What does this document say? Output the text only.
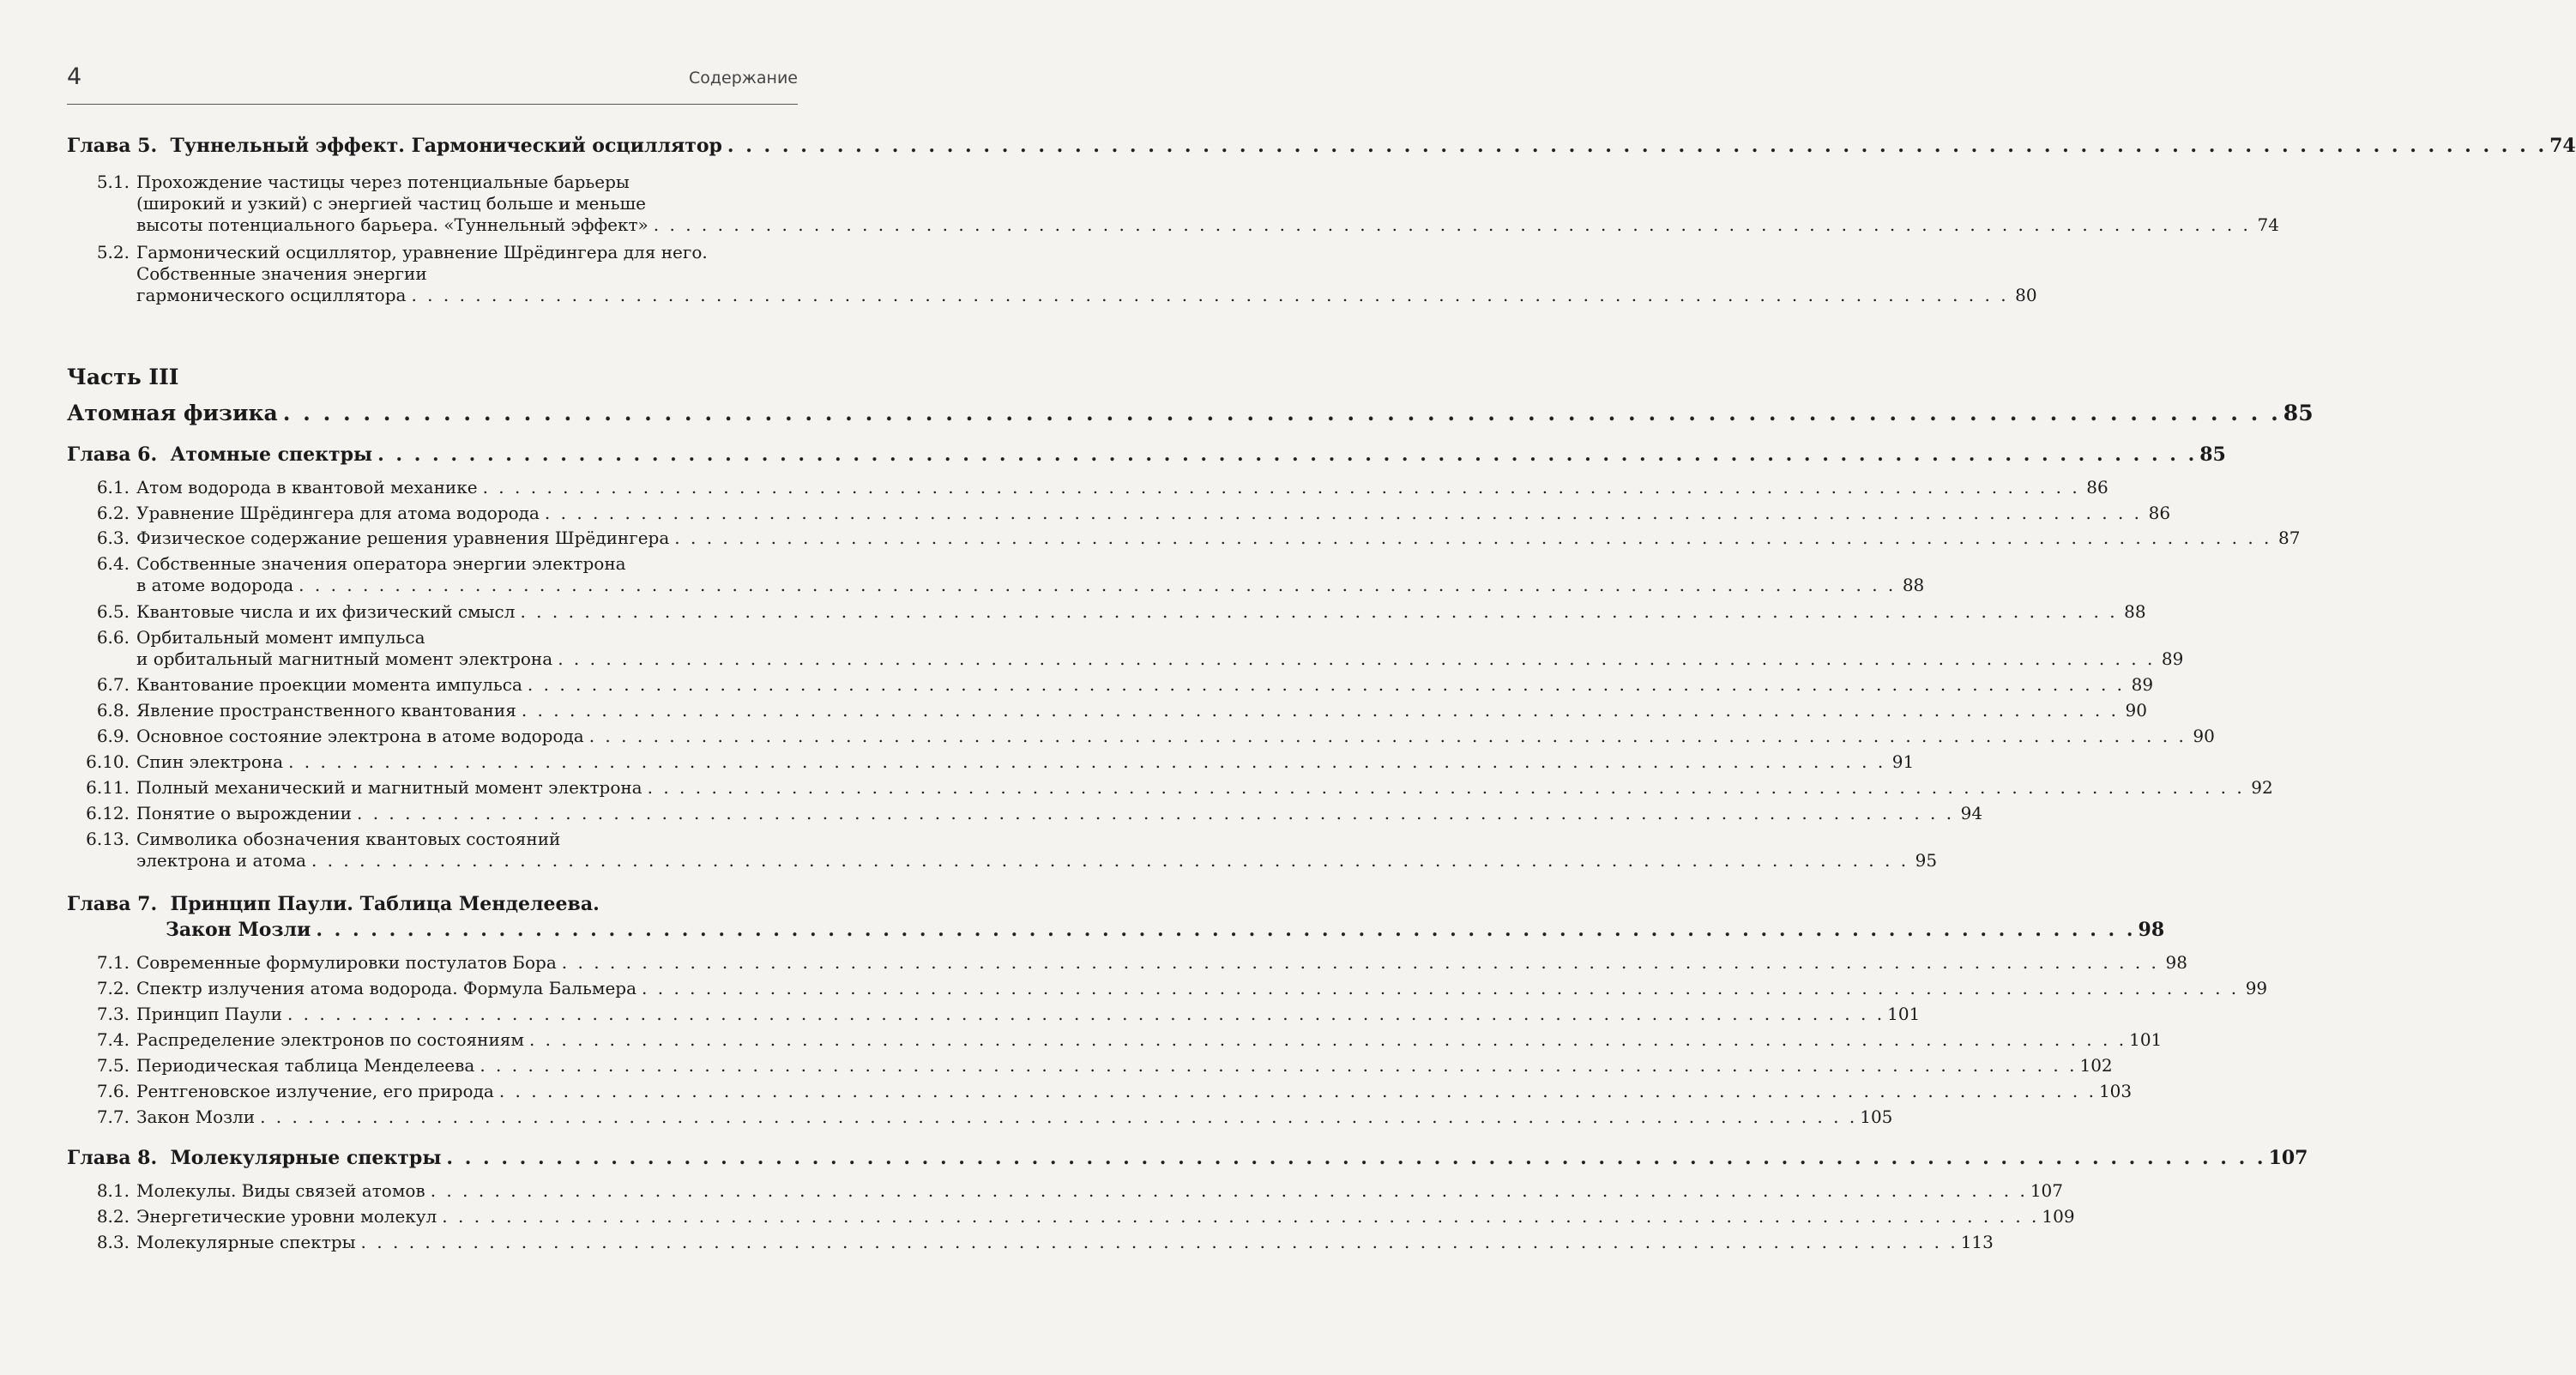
4	Содержание
Глава 5. Туннельный эффект. Гармонический осциллятор . . .	74
5.1. Прохождение частицы через потенциальные барьеры
(широкий и узкий) с энергией частиц больше и меньше
высоты потенциального барьера. «Туннельный эффект» . . .	74
5.2. Гармонический осциллятор, уравнение Шрёдингера для него.
Собственные значения энергии
гармонического осциллятора . . .	80
Часть III
Атомная физика . . .	85
Глава 6. Атомные спектры . . .	85
6.1. Атом водорода в квантовой механике . . .	86
6.2. Уравнение Шрёдингера для атома водорода . . .	86
6.3. Физическое содержание решения уравнения Шрёдингера . . .	87
6.4. Собственные значения оператора энергии электрона
в атоме водорода . . .	88
6.5. Квантовые числа и их физический смысл . . .	88
6.6. Орбитальный момент импульса
и орбитальный магнитный момент электрона . . .	89
6.7. Квантование проекции момента импульса . . .	89
6.8. Явление пространственного квантования . . .	90
6.9. Основное состояние электрона в атоме водорода . . .	90
6.10. Спин электрона . . .	91
6.11. Полный механический и магнитный момент электрона . . .	92
6.12. Понятие о вырождении . . .	94
6.13. Символика обозначения квантовых состояний
электрона и атома . . .	95
Глава 7. Принцип Паули. Таблица Менделеева.
Закон Мозли . . .	98
7.1. Современные формулировки постулатов Бора . . .	98
7.2. Спектр излучения атома водорода. Формула Бальмера . . .	99
7.3. Принцип Паули . . .	101
7.4. Распределение электронов по состояниям . . .	101
7.5. Периодическая таблица Менделеева . . .	102
7.6. Рентгеновское излучение, его природа . . .	103
7.7. Закон Мозли . . .	105
Глава 8. Молекулярные спектры . . .	107
8.1. Молекулы. Виды связей атомов . . .	107
8.2. Энергетические уровни молекул . . .	109
8.3. Молекулярные спектры . . .	113
